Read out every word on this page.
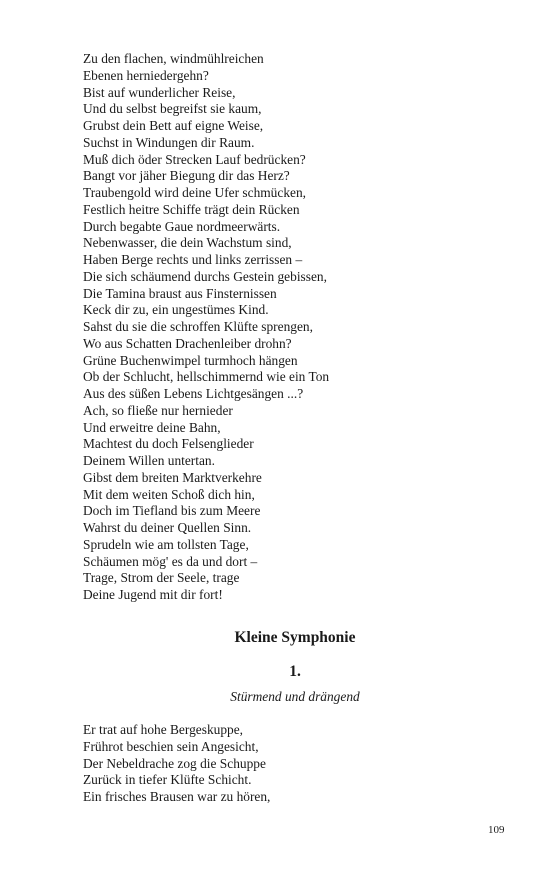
Zu den flachen, windmühlreichen
Ebenen herniedergehn?
Bist auf wunderlicher Reise,
Und du selbst begreifst sie kaum,
Grubst dein Bett auf eigne Weise,
Suchst in Windungen dir Raum.
Muß dich öder Strecken Lauf bedrücken?
Bangt vor jäher Biegung dir das Herz?
Traubengold wird deine Ufer schmücken,
Festlich heitre Schiffe trägt dein Rücken
Durch begabte Gaue nordmeerwärts.
Nebenwasser, die dein Wachstum sind,
Haben Berge rechts und links zerrissen –
Die sich schäumend durchs Gestein gebissen,
Die Tamina braust aus Finsternissen
Keck dir zu, ein ungestümes Kind.
Sahst du sie die schroffen Klüfte sprengen,
Wo aus Schatten Drachenleiber drohn?
Grüne Buchenwimpel turmhoch hängen
Ob der Schlucht, hellschimmernd wie ein Ton
Aus des süßen Lebens Lichtgesängen ...?
Ach, so fließe nur hernieder
Und erweitre deine Bahn,
Machtest du doch Felsenglieder
Deinem Willen untertan.
Gibst dem breiten Marktverkehre
Mit dem weiten Schoß dich hin,
Doch im Tiefland bis zum Meere
Wahrst du deiner Quellen Sinn.
Sprudeln wie am tollsten Tage,
Schäumen mög' es da und dort –
Trage, Strom der Seele, trage
Deine Jugend mit dir fort!
Kleine Symphonie
1.
Stürmend und drängend
Er trat auf hohe Bergeskuppe,
Frührot beschien sein Angesicht,
Der Nebeldrache zog die Schuppe
Zurück in tiefer Klüfte Schicht.
Ein frisches Brausen war zu hören,
109
